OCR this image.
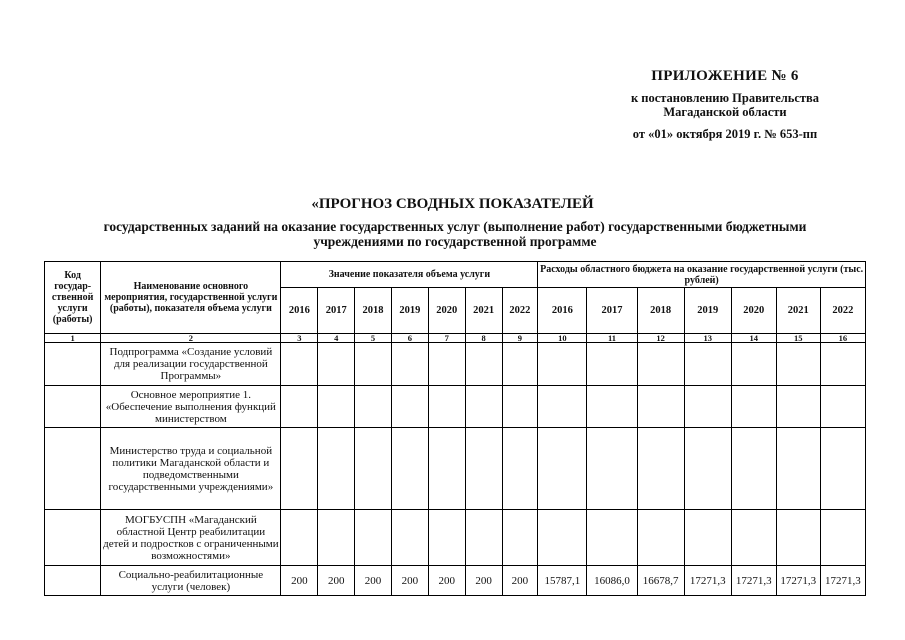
ПРИЛОЖЕНИЕ № 6
к постановлению Правительства
Магаданской области
от «01» октября 2019 г. № 653-пп
«ПРОГНОЗ СВОДНЫХ ПОКАЗАТЕЛЕЙ
государственных заданий на оказание государственных услуг (выполнение работ) государственными бюджетными учреждениями по государственной программе
Код государ-ственной услуги (работы)	Наименование основного мероприятия, государственной услуги (работы), показателя объема услуги	Значение показателя объема услуги							Расходы областного бюджета на оказание государственной услуги (тыс. рублей)						
		2016	2017	2018	2019	2020	2021	2022	2016	2017	2018	2019	2020	2021	2022
1	2	3	4	5	6	7	8	9	10	11	12	13	14	15	16
	Подпрограмма «Создание условий для реализации государственной Программы»														
	Основное мероприятие 1. «Обеспечение выполнения функций министерством														
	Министерство труда и социальной политики Магаданской области и подведомственными государственными учреждениями»														
	МОГБУСПН «Магаданский областной Центр реабилитации детей и подростков с ограниченными возможностями»														
	Социально-реабилитационные услуги (человек)	200	200	200	200	200	200	200	15787,1	16086,0	16678,7	17271,3	17271,3	17271,3	17271,3
